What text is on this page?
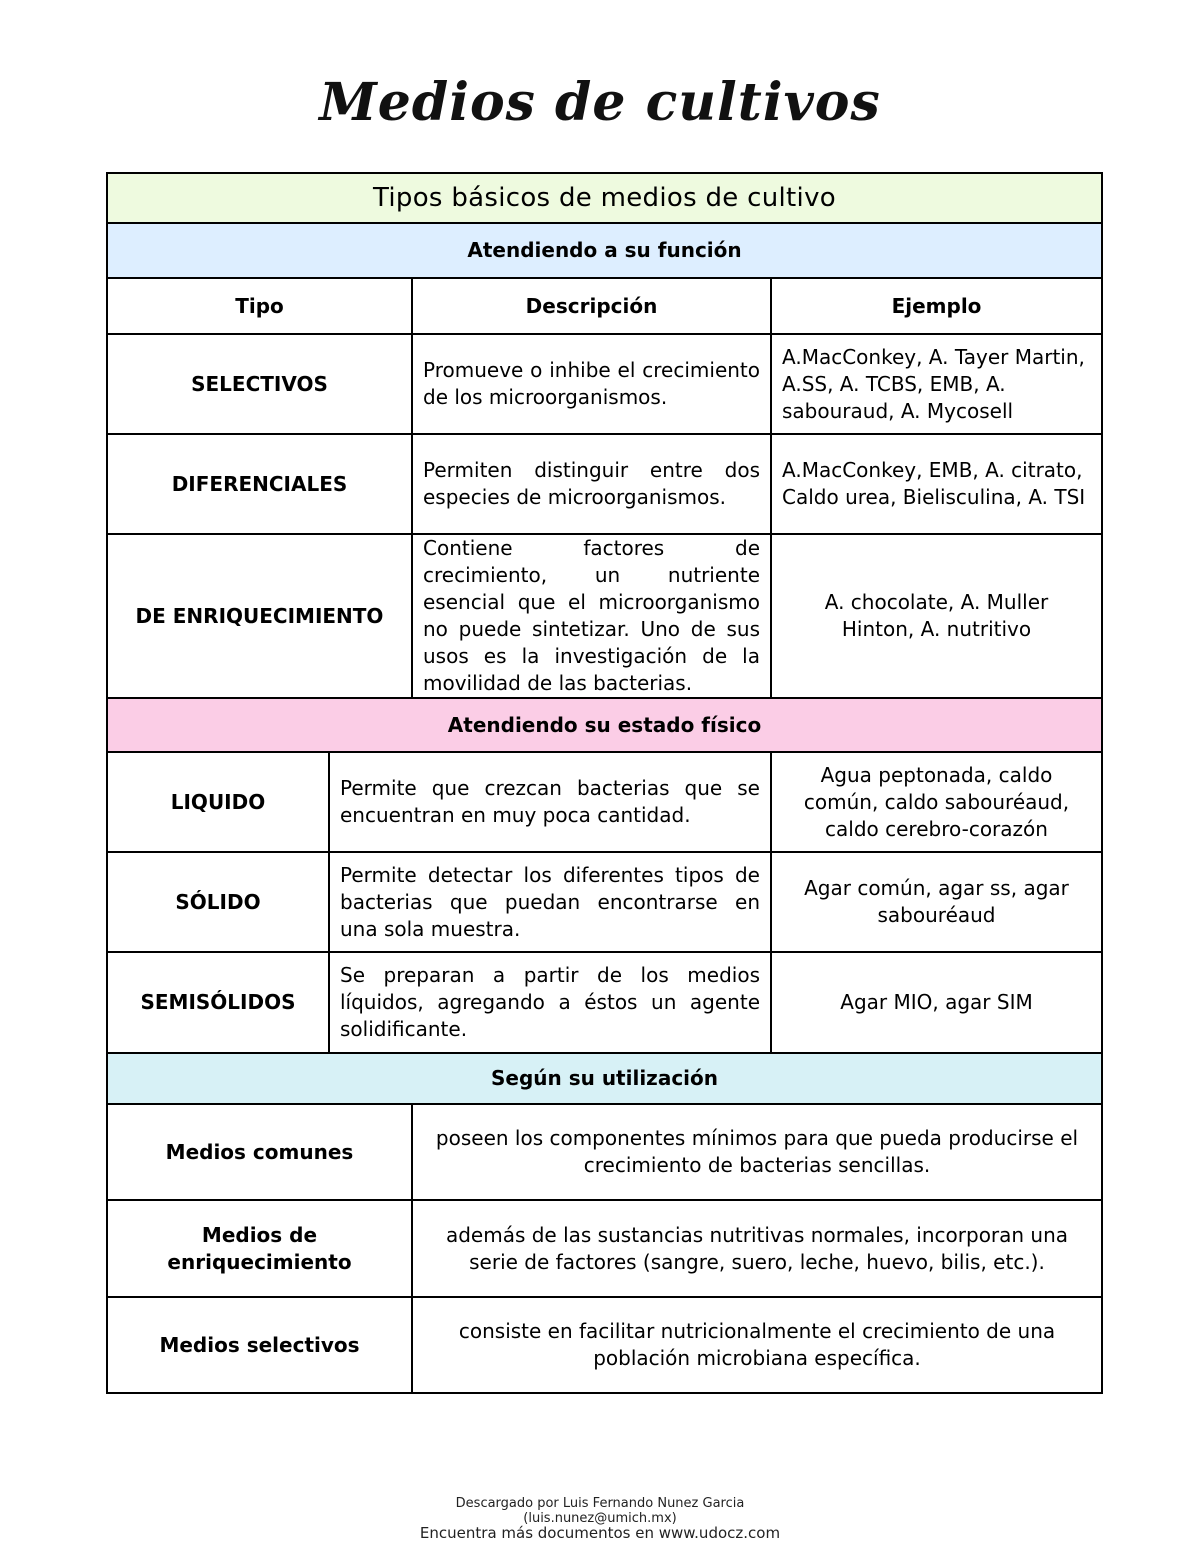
Medios de cultivos
Tipos básicos de medios de cultivo
Atendiendo a su función
Tipo	Descripción	Ejemplo
SELECTIVOS
Promueve o inhibe el crecimiento de los microorganismos.
A.MacConkey, A. Tayer Martin, A.SS, A. TCBS, EMB, A. sabouraud, A. Mycosell
DIFERENCIALES
Permiten distinguir entre dos especies de microorganismos.
A.MacConkey, EMB, A. citrato, Caldo urea, Bielisculina, A. TSI
DE ENRIQUECIMIENTO
Contiene factores de crecimiento, un nutriente esencial que el microorganismo no puede sintetizar. Uno de sus usos es la investigación de la movilidad de las bacterias.
A. chocolate, A. Muller Hinton, A. nutritivo
Atendiendo su estado físico
LIQUIDO
Permite que crezcan bacterias que se encuentran en muy poca cantidad.
Agua peptonada, caldo común, caldo sabouréaud, caldo cerebro-corazón
SÓLIDO
Permite detectar los diferentes tipos de bacterias que puedan encontrarse en una sola muestra.
Agar común, agar ss, agar sabouréaud
SEMISÓLIDOS
Se preparan a partir de los medios líquidos, agregando a éstos un agente solidificante.
Agar MIO, agar SIM
Según su utilización
Medios comunes
poseen los componentes mínimos para que pueda producirse el crecimiento de bacterias sencillas.
Medios de enriquecimiento
además de las sustancias nutritivas normales, incorporan una serie de factores (sangre, suero, leche, huevo, bilis, etc.).
Medios selectivos
consiste en facilitar nutricionalmente el crecimiento de una población microbiana específica.
Descargado por Luis Fernando Nunez Garcia
(luis.nunez@umich.mx)
Encuentra más documentos en www.udocz.com
